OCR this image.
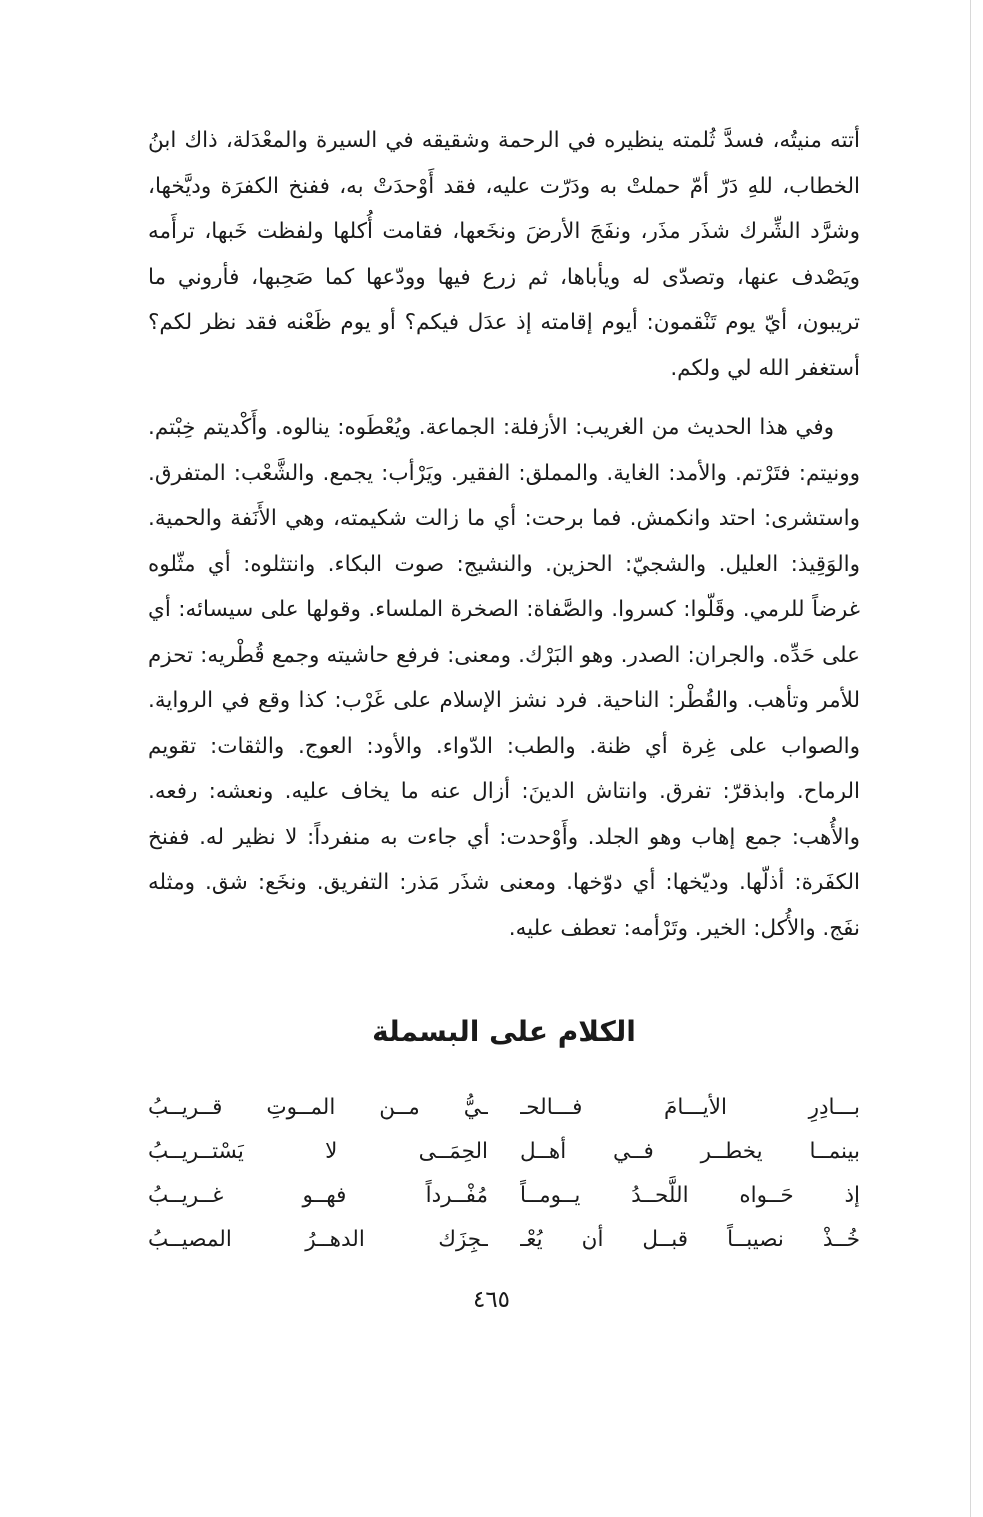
أتته منيتُه، فسدَّ ثُلمته ينظيره في الرحمة وشقيقه في السيرة والمعْدَلة، ذاك ابنُ الخطاب، للهِ دَرّ أمّ حملتْ به ودَرّت عليه، فقد أَوْحدَتْ به، ففنخ الكفرَة وديَّخها، وشرَّد الشِّرك شذَر مذَر، ونفَجَ الأرضَ ونخَعها، فقامت أُكلها ولفظت خَبها، ترأَمه ويَصْدف عنها، وتصدّى له ويأباها، ثم زرع فيها وودّعها كما صَحِبها، فأروني ما تريبون، أيّ يوم تَنْقمون: أيوم إقامته إذ عدَل فيكم؟ أو يوم ظَعْنه فقد نظر لكم؟ أستغفر الله لي ولكم.

وفي هذا الحديث من الغريب: الأزفلة: الجماعة. ويُعْطَوه: ينالوه. وأَكْديتم خِبْتم. وونيتم: فتَرْتم. والأمد: الغاية. والمملق: الفقير. ويَرْأب: يجمع. والشَّعْب: المتفرق. واستشرى: احتد وانكمش. فما برحت: أي ما زالت شكيمته، وهي الأَنَفة والحمية. والوَقِيذ: العليل. والشجيّ: الحزين. والنشيج: صوت البكاء. وانتثلوه: أي مثّلوه غرضاً للرمي. وقَلّوا: كسروا. والصَّفاة: الصخرة الملساء. وقولها على سيسائه: أي على حَدِّه. والجران: الصدر. وهو البَرْك. ومعنى: فرفع حاشيته وجمع قُطْريه: تحزم للأمر وتأهب. والقُطْر: الناحية. فرد نشز الإسلام على غَرْب: كذا وقع في الرواية. والصواب على غِرة أي ظنة. والطب: الدّواء. والأود: العوج. والثقات: تقويم الرماح. وابذقرّ: تفرق. وانتاش الدينَ: أزال عنه ما يخاف عليه. ونعشه: رفعه. والأُهب: جمع إهاب وهو الجلد. وأَوْحدت: أي جاءت به منفرداً: لا نظير له. ففنخ الكفَرة: أذلّها. وديّخها: أي دوّخها. ومعنى شذَر مَذر: التفريق. ونخَع: شق. ومثله نفَج. والأُكل: الخير. وتَرْأمه: تعطف عليه.

الكلام على البسملة
بـــادِرِ الأيـــامَ فـــالحـ
ـيُّ مــن المــوتِ قــريــبُ
بينمــا يخطــر فــي أهــل
الحِمَــى لا يَسْتــريــبُ
إذ حَــواه اللَّحــدُ يــومــاً
مُفْــرداً فهــو غــريــبُ
خُــذْ نصيبــاً قبــل أن يُعْـ
ـجِزَك الدهــرُ المصيــبُ
٤٦٥
